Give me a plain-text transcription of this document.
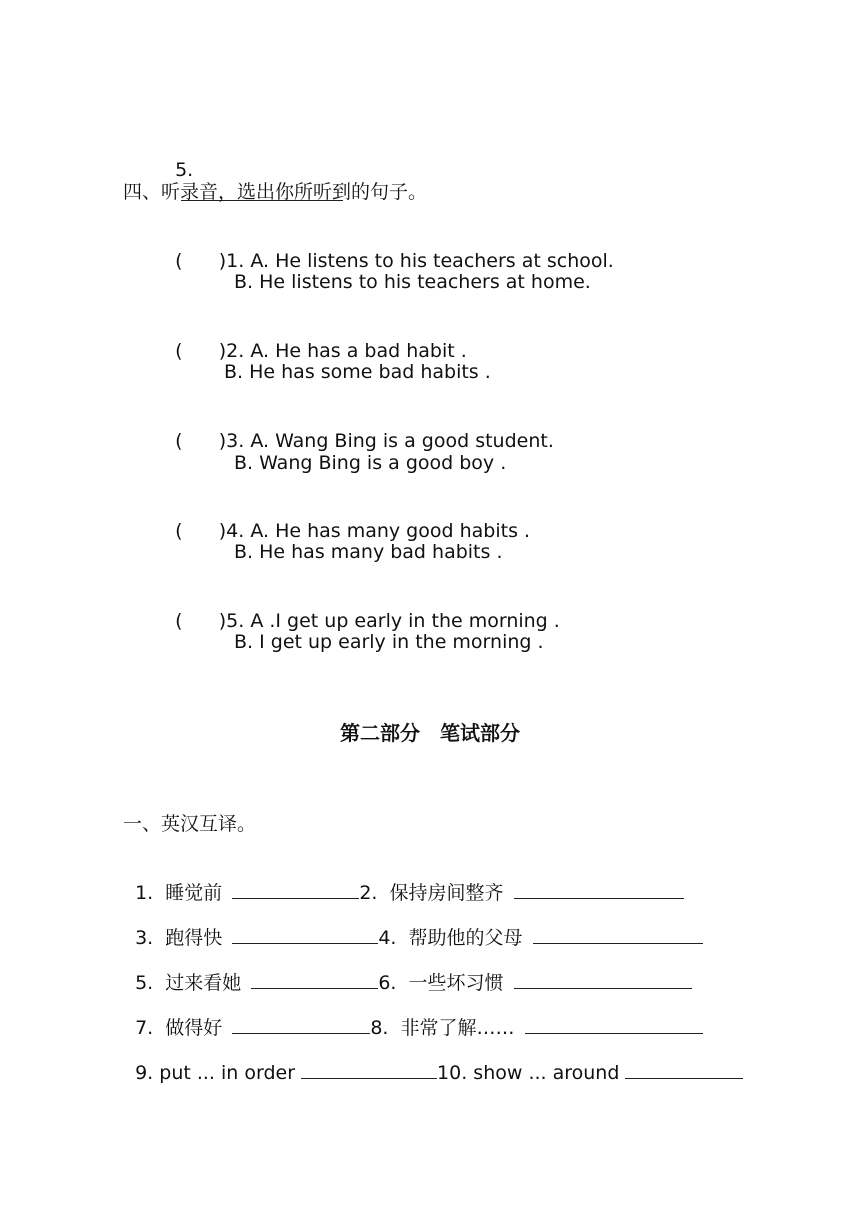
5.

四、听录音，选出你所听到的句子。

(      )1. A. He listens to his teachers at school.

B. He listens to his teachers at home.

(      )2. A. He has a bad habit .

B. He has some bad habits .

(      )3. A. Wang Bing is a good student.

B. Wang Bing is a good boy .

(      )4. A. He has many good habits .

B. He has many bad habits .

(      )5. A .I get up early in the morning .

B. I get up early in the morning .
第二部分　笔试部分
一、英汉互译。

1.  睡觉前	2.  保持房间整齐

3.  跑得快	4.  帮助他的父母

5.  过来看她	6.  一些坏习惯

7.  做得好	8.  非常了解……

9. put ... in order	10. show ... around
